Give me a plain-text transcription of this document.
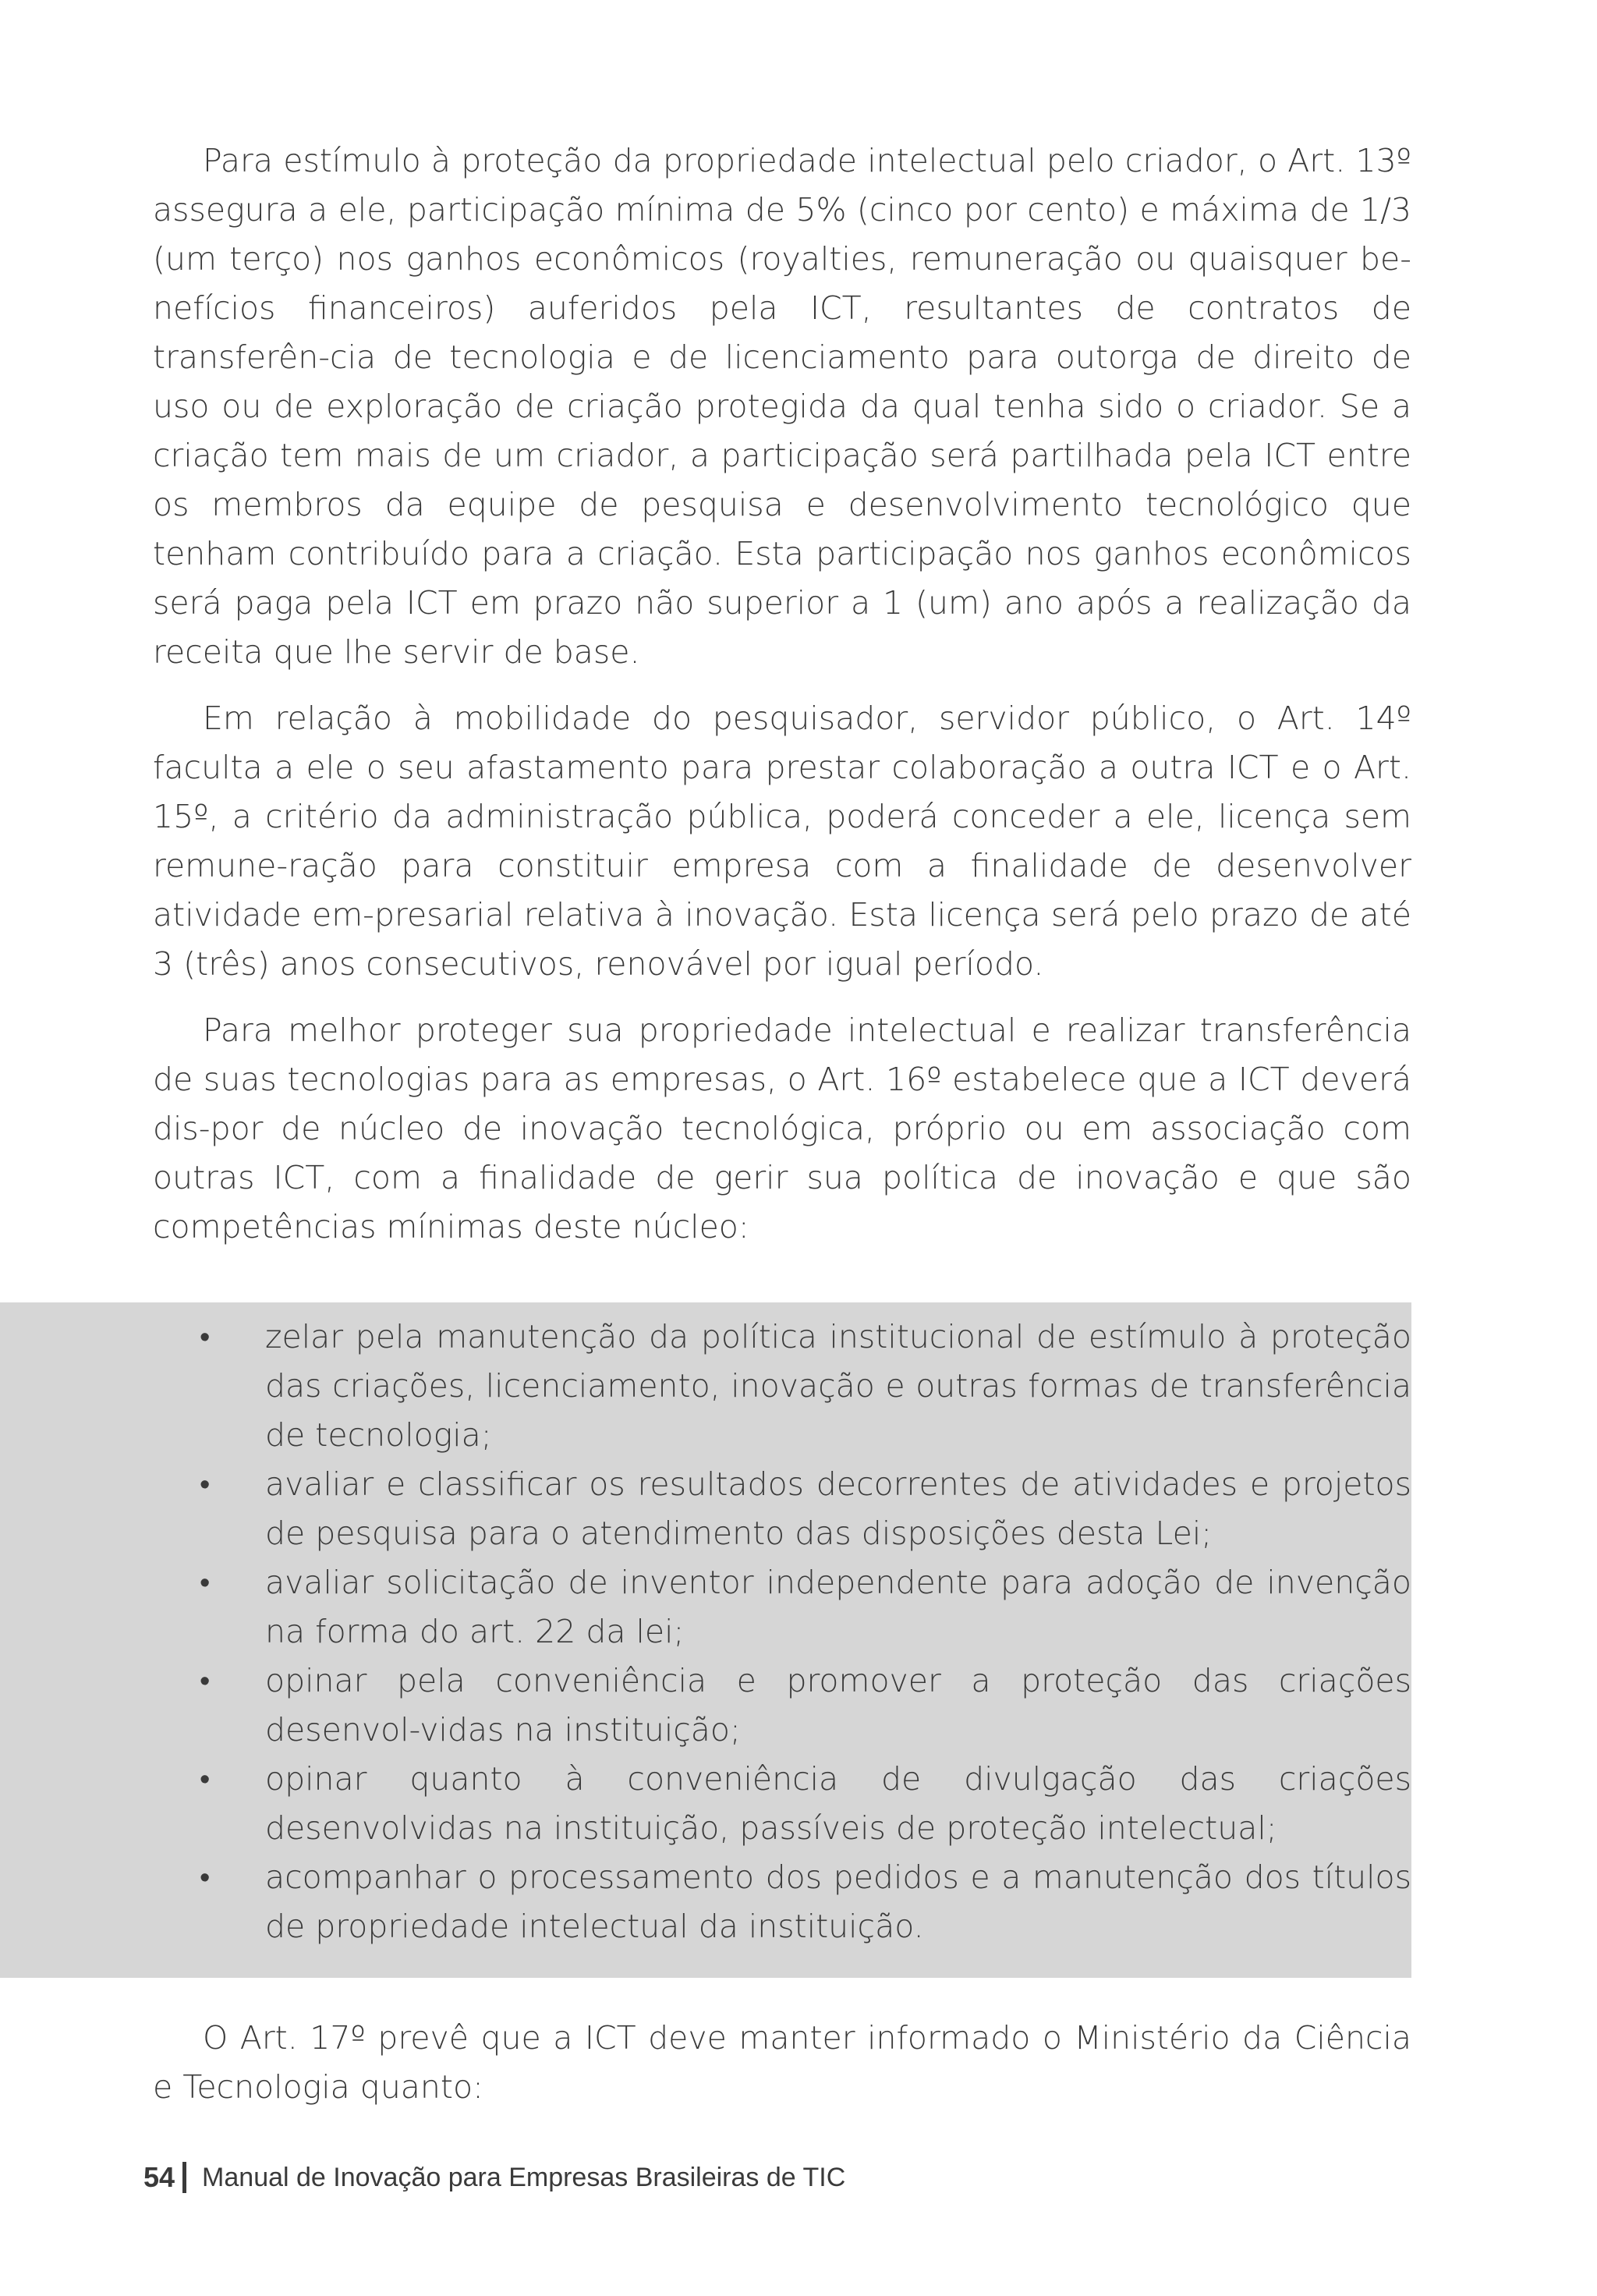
Para estímulo à proteção da propriedade intelectual pelo criador, o Art. 13º assegura a ele, participação mínima de 5% (cinco por cento) e máxima de 1/3 (um terço) nos ganhos econômicos (royalties, remuneração ou quaisquer be-nefícios financeiros) auferidos pela ICT, resultantes de contratos de transferên-cia de tecnologia e de licenciamento para outorga de direito de uso ou de exploração de criação protegida da qual tenha sido o criador. Se a criação tem mais de um criador, a participação será partilhada pela ICT entre os membros da equipe de pesquisa e desenvolvimento tecnológico que tenham contribuído para a criação. Esta participação nos ganhos econômicos será paga pela ICT em prazo não superior a 1 (um) ano após a realização da receita que lhe servir de base.

Em relação à mobilidade do pesquisador, servidor público, o Art. 14º faculta a ele o seu afastamento para prestar colaboração a outra ICT e o Art. 15º, a critério da administração pública, poderá conceder a ele, licença sem remune-ração para constituir empresa com a finalidade de desenvolver atividade em-presarial relativa à inovação. Esta licença será pelo prazo de até 3 (três) anos consecutivos, renovável por igual período.

Para melhor proteger sua propriedade intelectual e realizar transferência de suas tecnologias para as empresas, o Art. 16º estabelece que a ICT deverá dis-por de núcleo de inovação tecnológica, próprio ou em associação com outras ICT, com a finalidade de gerir sua política de inovação e que são competências mínimas deste núcleo:

• zelar pela manutenção da política institucional de estímulo à proteção das criações, licenciamento, inovação e outras formas de transferência de tecnologia;
• avaliar e classificar os resultados decorrentes de atividades e projetos de pesquisa para o atendimento das disposições desta Lei;
• avaliar solicitação de inventor independente para adoção de invenção na forma do art. 22 da lei;
• opinar pela conveniência e promover a proteção das criações desenvol-vidas na instituição;
• opinar quanto à conveniência de divulgação das criações desenvolvidas na instituição, passíveis de proteção intelectual;
• acompanhar o processamento dos pedidos e a manutenção dos títulos de propriedade intelectual da instituição.

O Art. 17º prevê que a ICT deve manter informado o Ministério da Ciência e Tecnologia quanto:

54 Manual de Inovação para Empresas Brasileiras de TIC
